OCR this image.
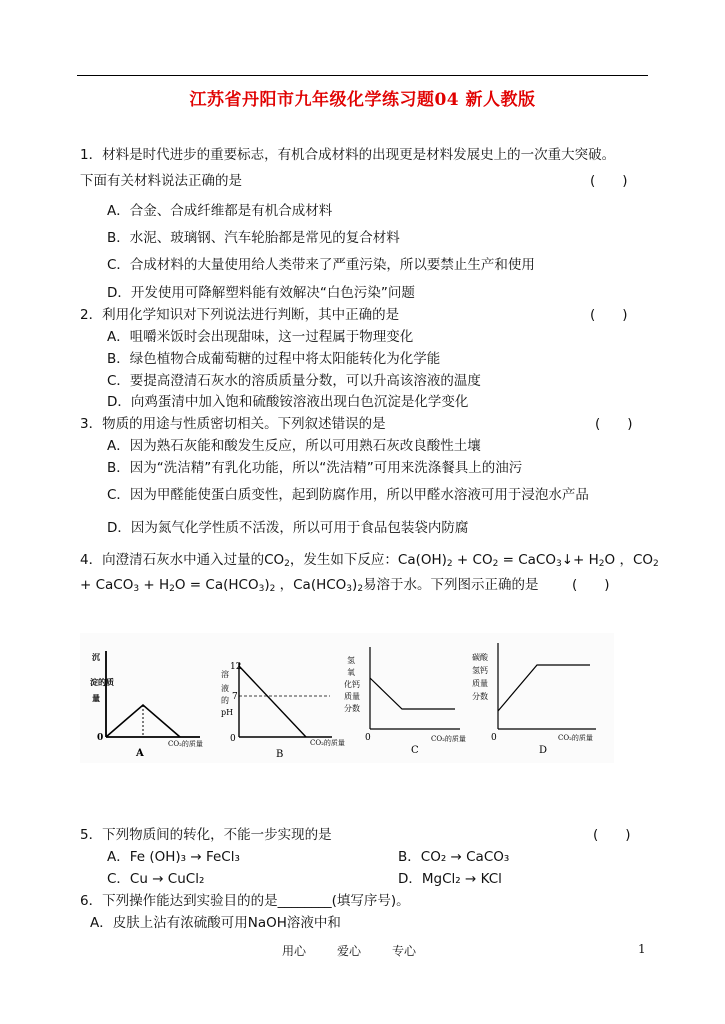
江苏省丹阳市九年级化学练习题04 新人教版
1．材料是时代进步的重要标志，有机合成材料的出现更是材料发展史上的一次重大突破。
下面有关材料说法正确的是	(　　)
A．合金、合成纤维都是有机合成材料
B．水泥、玻璃钢、汽车轮胎都是常见的复合材料
C．合成材料的大量使用给人类带来了严重污染，所以要禁止生产和使用
D．开发使用可降解塑料能有效解决“白色污染”问题
2．利用化学知识对下列说法进行判断，其中正确的是	(　　)
A．咀嚼米饭时会出现甜味，这一过程属于物理变化
B．绿色植物合成葡萄糖的过程中将太阳能转化为化学能
C．要提高澄清石灰水的溶质质量分数，可以升高该溶液的温度
D．向鸡蛋清中加入饱和硫酸铵溶液出现白色沉淀是化学变化
3．物质的用途与性质密切相关。下列叙述错误的是	(　　)
A．因为熟石灰能和酸发生反应，所以可用熟石灰改良酸性土壤
B．因为“洗洁精”有乳化功能，所以“洗洁精”可用来洗涤餐具上的油污
C．因为甲醛能使蛋白质变性，起到防腐作用，所以甲醛水溶液可用于浸泡水产品
D．因为氮气化学性质不活泼，所以可用于食品包装袋内防腐
4．向澄清石灰水中通入过量的$CO_2$，发生如下反应：$Ca(OH)_2 + CO_2$ = CaCO$_3$↓+ $H_2O$ ，$CO_2$
+ CaCO$_3$ + $H_2O = Ca(HCO_3)_2$ ，$Ca(HCO_3)_2$易溶于水。下列图示正确的是 (　　)
沉
淀的质
量
0
CO₂的质量
A
溶
液
的
pH
12
7
0	CO₂的质量
B
氢
氧
化钙
质量
分数
0	CO₂的质量
C
碳酸
氢钙
质量
分数
0	CO₂的质量
D
5．下列物质间的转化，不能一步实现的是	(　　)
A．Fe (OH)₃ → FeCl₃	B．CO₂ → CaCO₃
C．Cu → CuCl₂	D．MgCl₂ → KCl
6．下列操作能达到实验目的的是________(填写序号)。
A．皮肤上沾有浓硫酸可用NaOH溶液中和
用心	爱心	专心	1
